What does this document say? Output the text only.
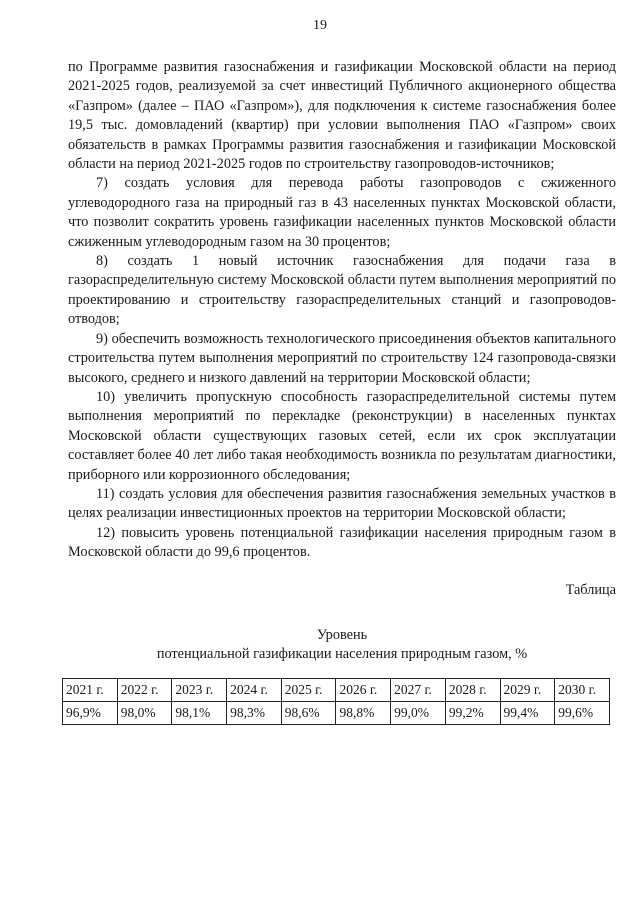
19

по Программе развития газоснабжения и газификации Московской области на период 2021-2025 годов, реализуемой за счет инвестиций Публичного акционерного общества «Газпром» (далее – ПАО «Газпром»), для подключения к системе газоснабжения более 19,5 тыс. домовладений (квартир) при условии выполнения ПАО «Газпром» своих обязательств в рамках Программы развития газоснабжения и газификации Московской области на период 2021-2025 годов по строительству газопроводов-источников;

7) создать условия для перевода работы газопроводов с сжиженного углеводородного газа на природный газ в 43 населенных пунктах Московской области, что позволит сократить уровень газификации населенных пунктов Московской области сжиженным углеводородным газом на 30 процентов;

8) создать 1 новый источник газоснабжения для подачи газа в газораспределительную систему Московской области путем выполнения мероприятий по проектированию и строительству газораспределительных станций и газопроводов-отводов;

9) обеспечить возможность технологического присоединения объектов капитального строительства путем выполнения мероприятий по строительству 124 газопровода-связки высокого, среднего и низкого давлений на территории Московской области;

10) увеличить пропускную способность газораспределительной системы путем выполнения мероприятий по перекладке (реконструкции) в населенных пунктах Московской области существующих газовых сетей, если их срок эксплуатации составляет более 40 лет либо такая необходимость возникла по результатам диагностики, приборного или коррозионного обследования;

11) создать условия для обеспечения развития газоснабжения земельных участков в целях реализации инвестиционных проектов на территории Московской области;

12) повысить уровень потенциальной газификации населения природным газом в Московской области до 99,6 процентов.

Таблица

Уровень
потенциальной газификации населения природным газом, %
2021 г.	2022 г.	2023 г.	2024 г.	2025 г.	2026 г.	2027 г.	2028 г.	2029 г.	2030 г.
96,9%	98,0%	98,1%	98,3%	98,6%	98,8%	99,0%	99,2%	99,4%	99,6%
